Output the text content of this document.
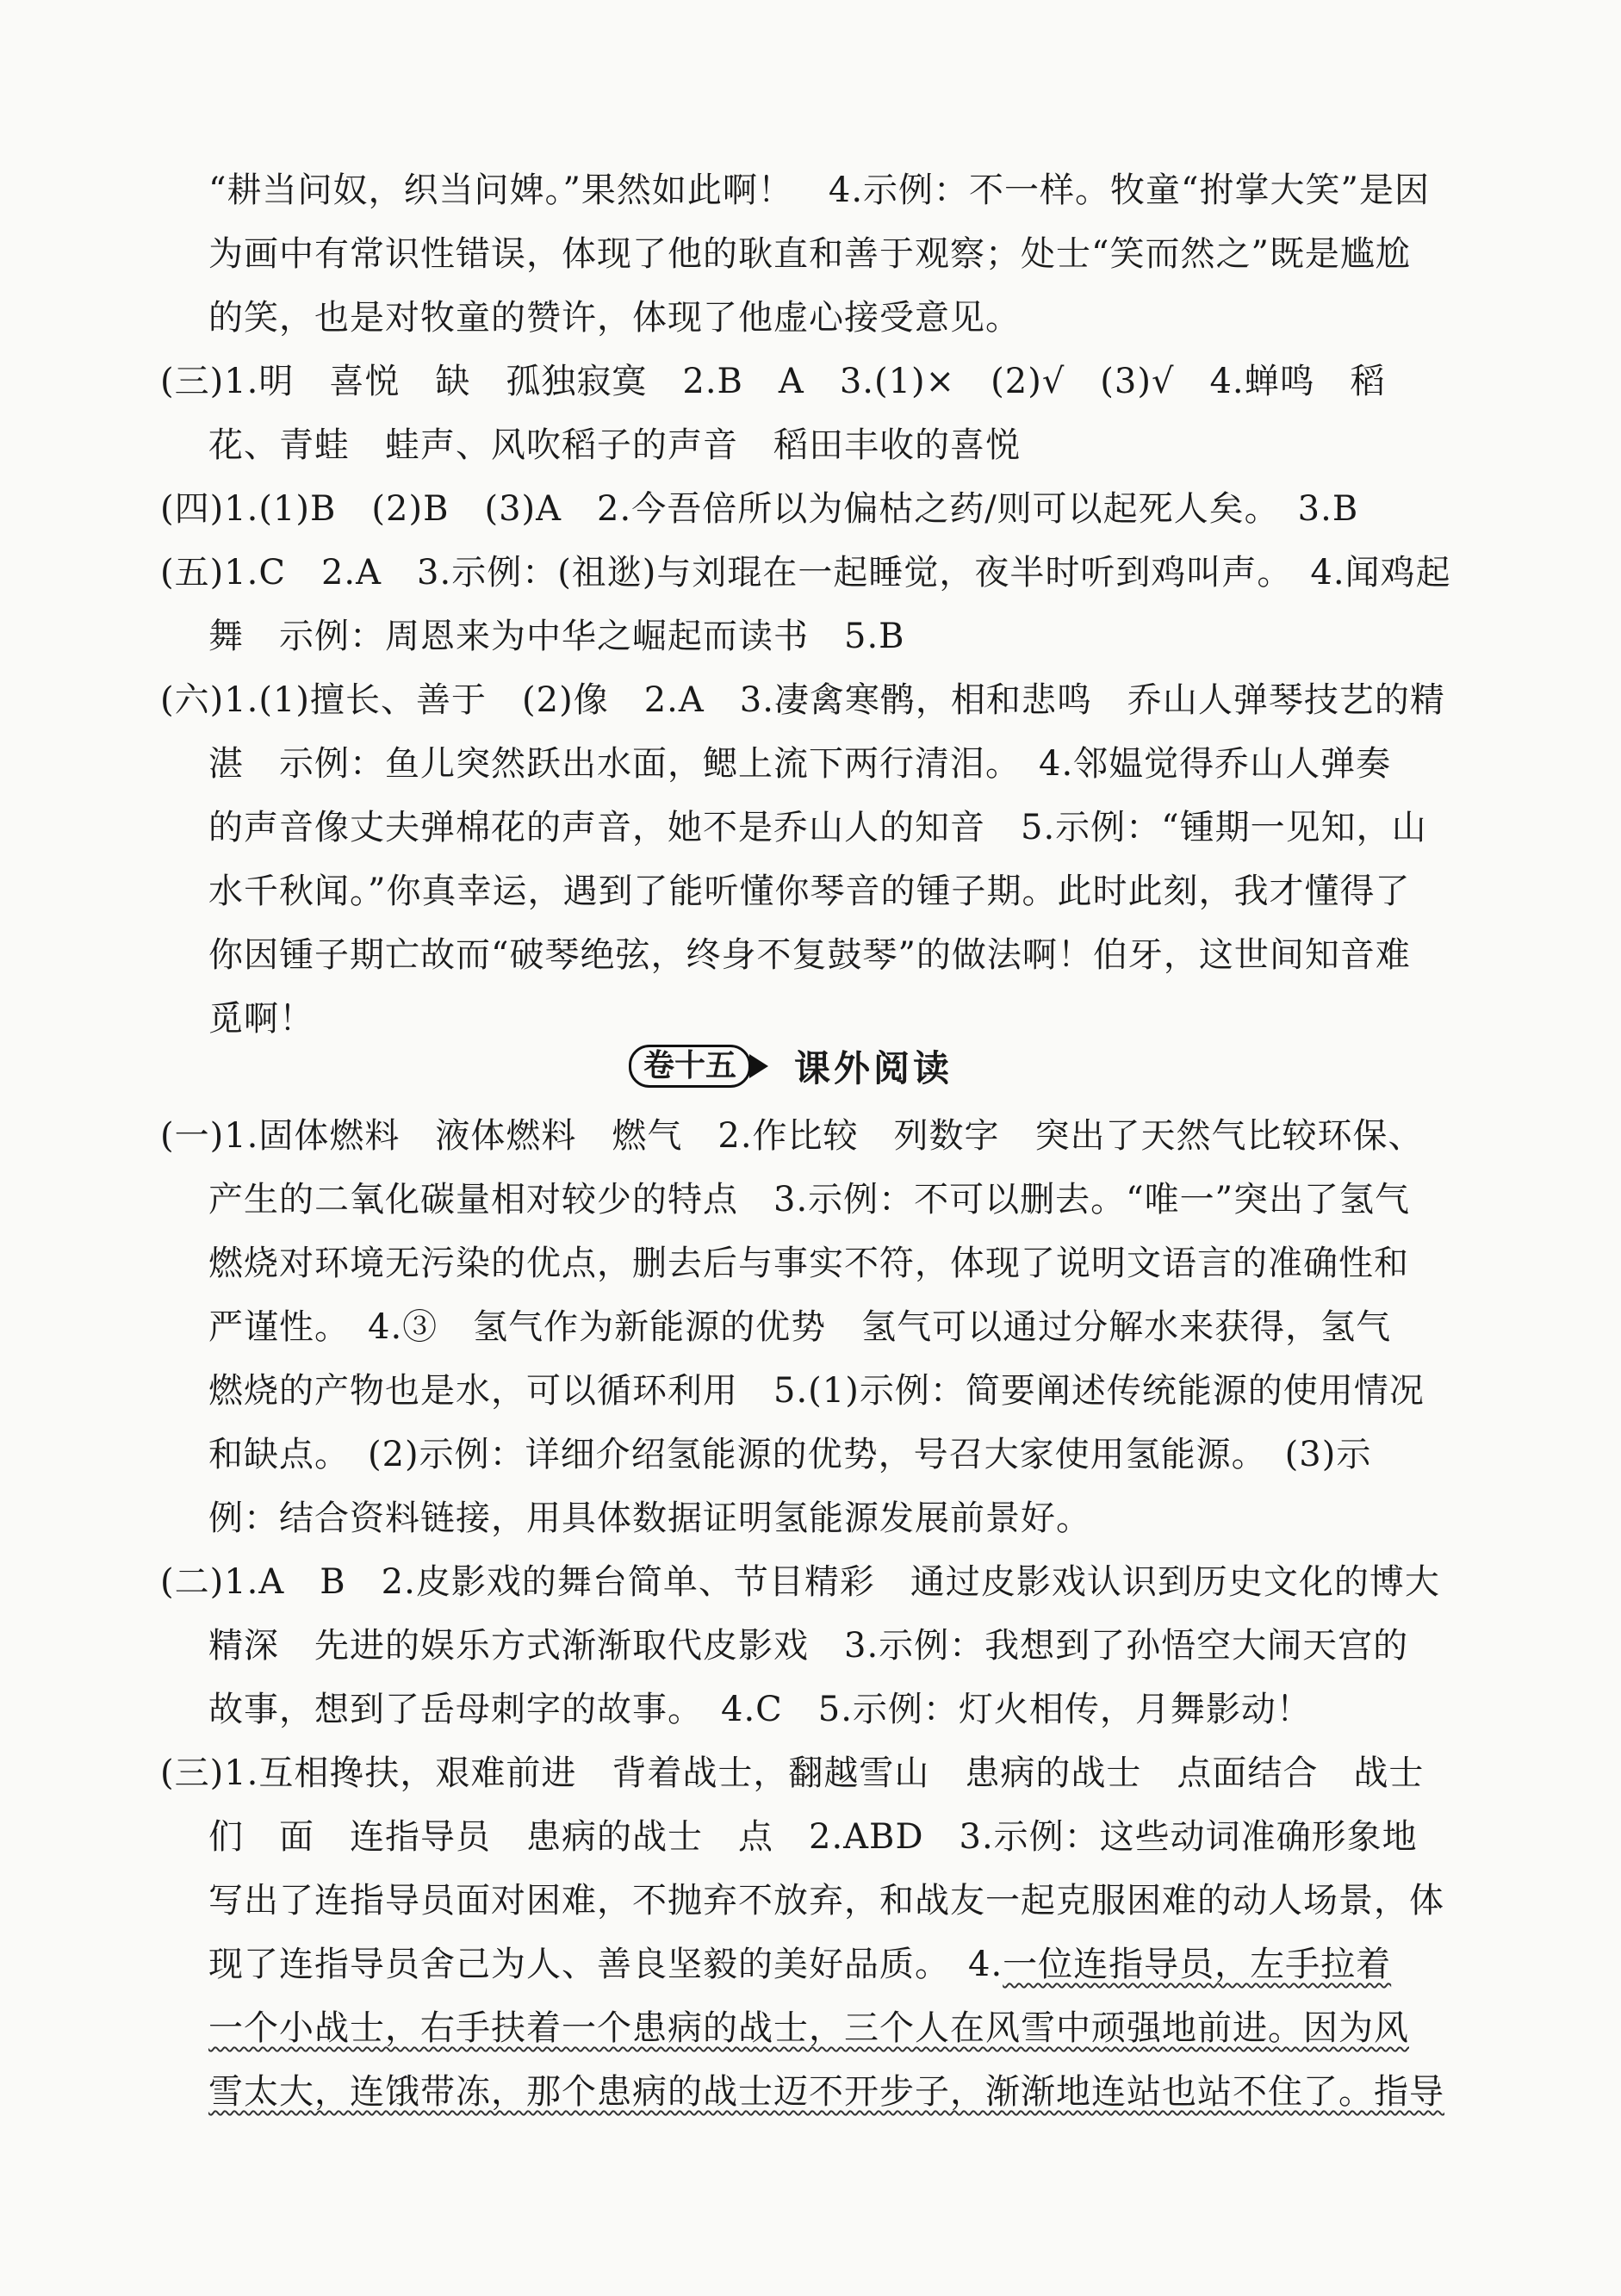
“耕当问奴，织当问婢。”果然如此啊！　4.示例：不一样。牧童“拊掌大笑”是因
为画中有常识性错误，体现了他的耿直和善于观察；处士“笑而然之”既是尴尬
的笑，也是对牧童的赞许，体现了他虚心接受意见。
(三)1.明　喜悦　缺　孤独寂寞　2.B　A　3.(1)×　(2)√　(3)√　4.蝉鸣　稻
花、青蛙　蛙声、风吹稻子的声音　稻田丰收的喜悦
(四)1.(1)B　(2)B　(3)A　2.今吾倍所以为偏枯之药/则可以起死人矣。　3.B
(五)1.C　2.A　3.示例：(祖逖)与刘琨在一起睡觉，夜半时听到鸡叫声。　4.闻鸡起
舞　示例：周恩来为中华之崛起而读书　5.B
(六)1.(1)擅长、善于　(2)像　2.A　3.凄禽寒鹘，相和悲鸣　乔山人弹琴技艺的精
湛　示例：鱼儿突然跃出水面，鳃上流下两行清泪。　4.邻媪觉得乔山人弹奏
的声音像丈夫弹棉花的声音，她不是乔山人的知音　5.示例：“锺期一见知，山
水千秋闻。”你真幸运，遇到了能听懂你琴音的锺子期。此时此刻，我才懂得了
你因锺子期亡故而“破琴绝弦，终身不复鼓琴”的做法啊！伯牙，这世间知音难
觅啊！
卷十五	课外阅读
(一)1.固体燃料　液体燃料　燃气　2.作比较　列数字　突出了天然气比较环保、
产生的二氧化碳量相对较少的特点　3.示例：不可以删去。“唯一”突出了氢气
燃烧对环境无污染的优点，删去后与事实不符，体现了说明文语言的准确性和
严谨性。　4.③　氢气作为新能源的优势　氢气可以通过分解水来获得，氢气
燃烧的产物也是水，可以循环利用　5.(1)示例：简要阐述传统能源的使用情况
和缺点。　(2)示例：详细介绍氢能源的优势，号召大家使用氢能源。　(3)示
例：结合资料链接，用具体数据证明氢能源发展前景好。
(二)1.A　B　2.皮影戏的舞台简单、节目精彩　通过皮影戏认识到历史文化的博大
精深　先进的娱乐方式渐渐取代皮影戏　3.示例：我想到了孙悟空大闹天宫的
故事，想到了岳母刺字的故事。　4.C　5.示例：灯火相传，月舞影动！
(三)1.互相搀扶，艰难前进　背着战士，翻越雪山　患病的战士　点面结合　战士
们　面　连指导员　患病的战士　点　2.ABD　3.示例：这些动词准确形象地
写出了连指导员面对困难，不抛弃不放弃，和战友一起克服困难的动人场景，体
现了连指导员舍己为人、善良坚毅的美好品质。　4.一位连指导员，左手拉着
一个小战士，右手扶着一个患病的战士，三个人在风雪中顽强地前进。因为风
雪太大，连饿带冻，那个患病的战士迈不开步子，渐渐地连站也站不住了。指导
